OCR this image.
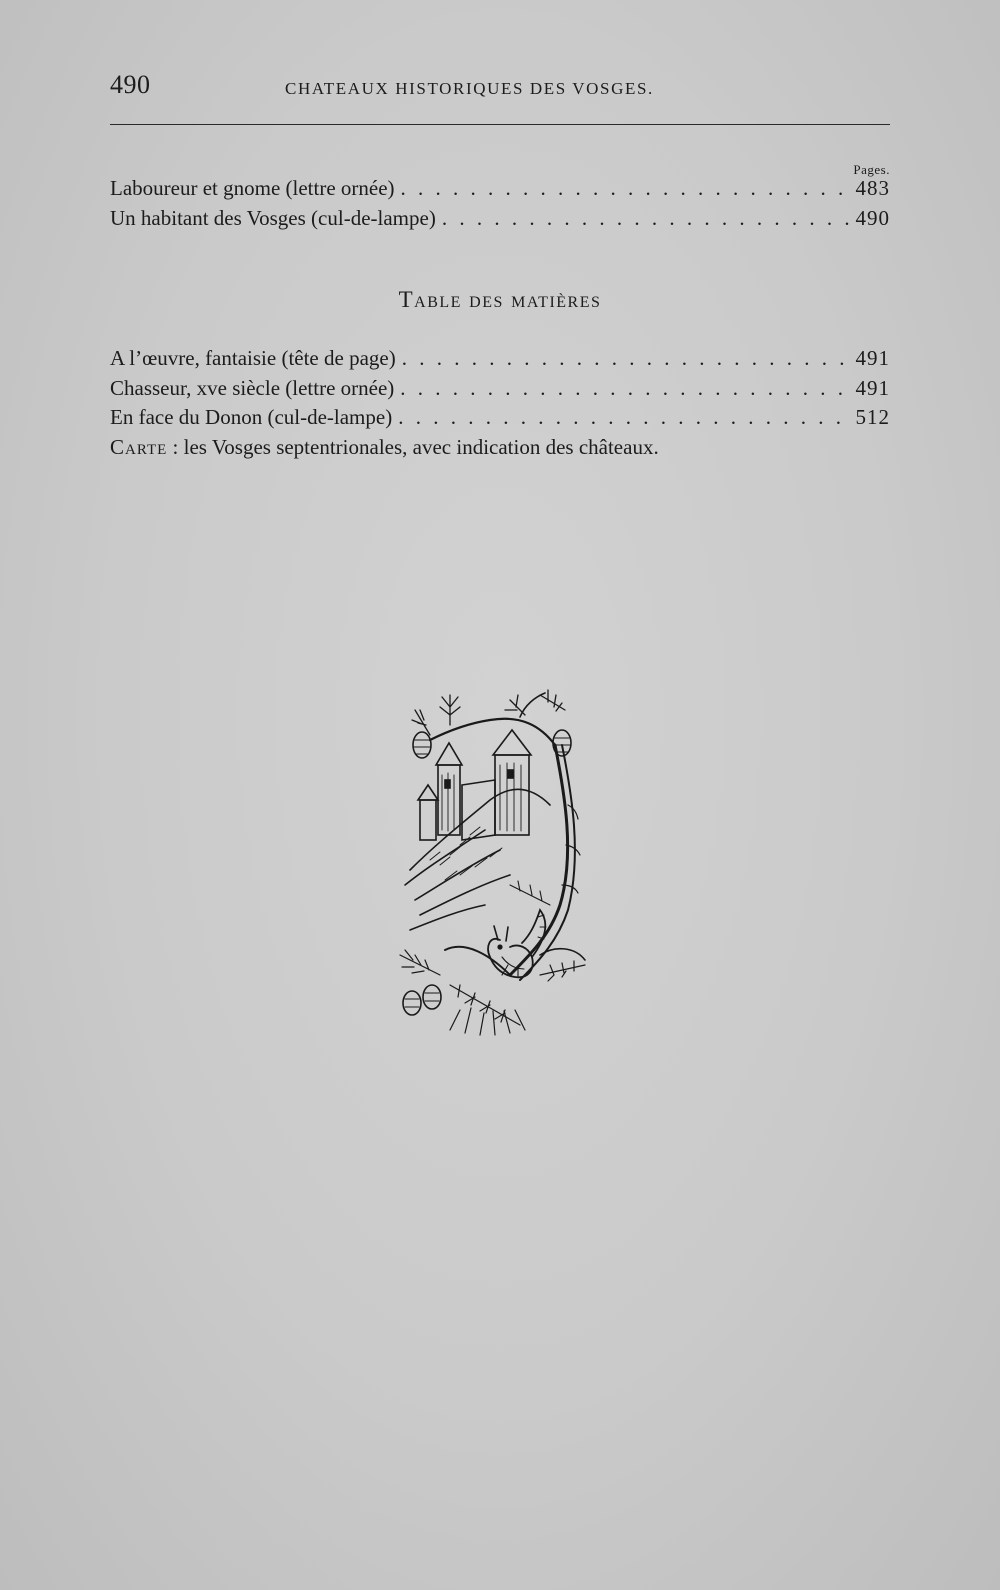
490	CHATEAUX HISTORIQUES DES VOSGES.
Pages.
Laboureur et gnome (lettre ornée) . . .	483
Un habitant des Vosges (cul-de-lampe) . . .	490
Table des matières
A l’œuvre, fantaisie (tête de page) . . .	491
Chasseur, xve siècle (lettre ornée) . . .	491
En face du Donon (cul-de-lampe) . . .	512
Carte : les Vosges septentrionales, avec indication des châteaux.
